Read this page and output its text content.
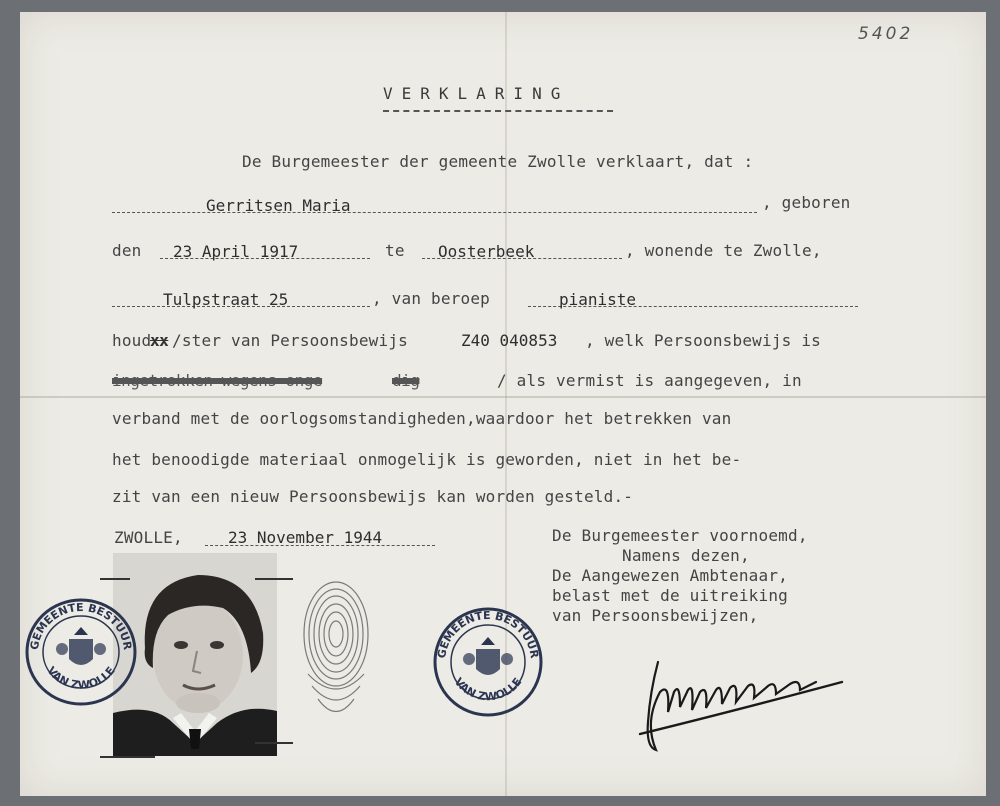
5402
VERKLARING
De Burgemeester der gemeente Zwolle verklaart, dat :
Gerritsen Maria	, geboren
den 23 April 1917	te Oosterbeek	, wonende te Zwolle,
Tulpstraat 25	, van beroep	pianiste
houd
xx /ster van Persoonsbewijs	Z40 040853 , welk Persoonsbewijs is
ingetrokken wegens onge	dig	/ als vermist is aangegeven, in
verband met de oorlogsomstandigheden,waardoor het betrekken van
het benoodigde materiaal onmogelijk is geworden, niet in het be-
zit van een nieuw Persoonsbewijs kan worden gesteld.-
ZWOLLE,	23 November 1944	De Burgemeester voornoemd,
Namens dezen,
De Aangewezen Ambtenaar,
belast met de uitreiking
van Persoonsbewijzen,
GEMEENTE BESTUUR
VAN ZWOLLE
GEMEENTE BESTUUR
VAN ZWOLLE
